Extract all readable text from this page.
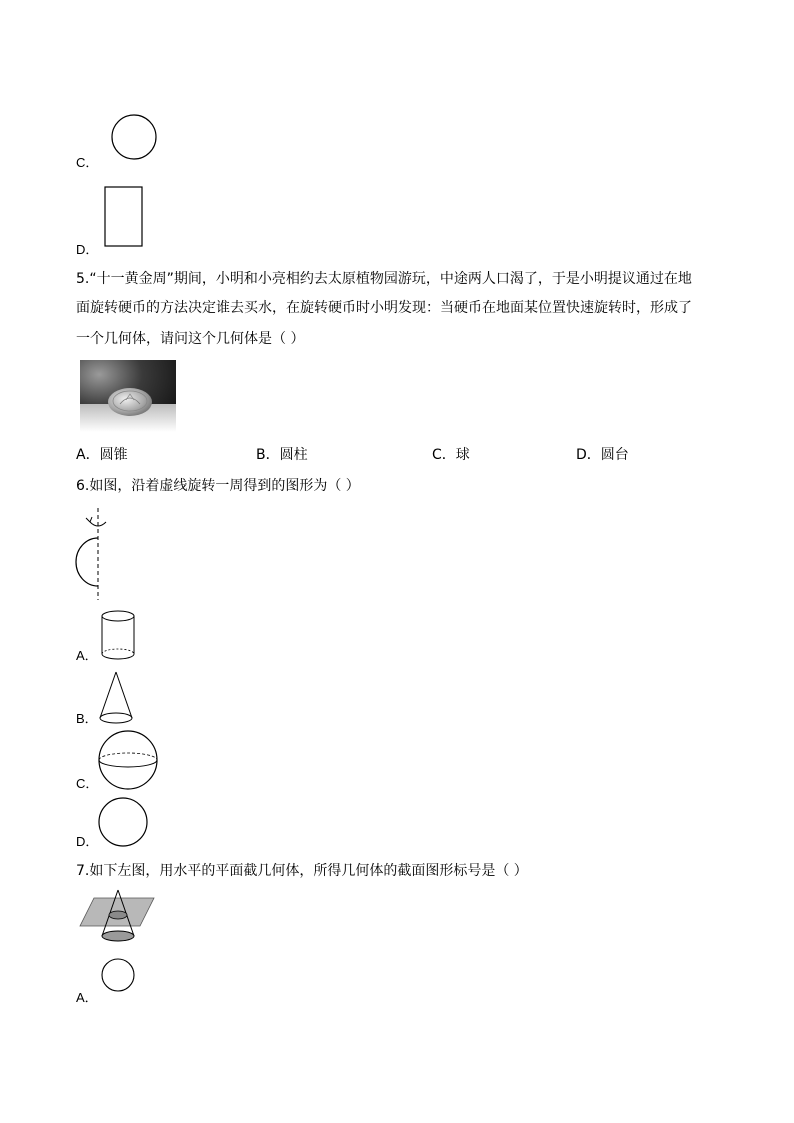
C．
D．
5.“十一黄金周”期间，小明和小亮相约去太原植物园游玩，中途两人口渴了，于是小明提议通过在地
面旋转硬币的方法决定谁去买水，在旋转硬币时小明发现：当硬币在地面某位置快速旋转时，形成了
一个几何体，请问这个几何体是（ ）
A．圆锥	B．圆柱	C．球	D．圆台
6.如图，沿着虚线旋转一周得到的图形为（ ）
A．
B．
C．
D．
7.如下左图，用水平的平面截几何体，所得几何体的截面图形标号是（ ）
A．
